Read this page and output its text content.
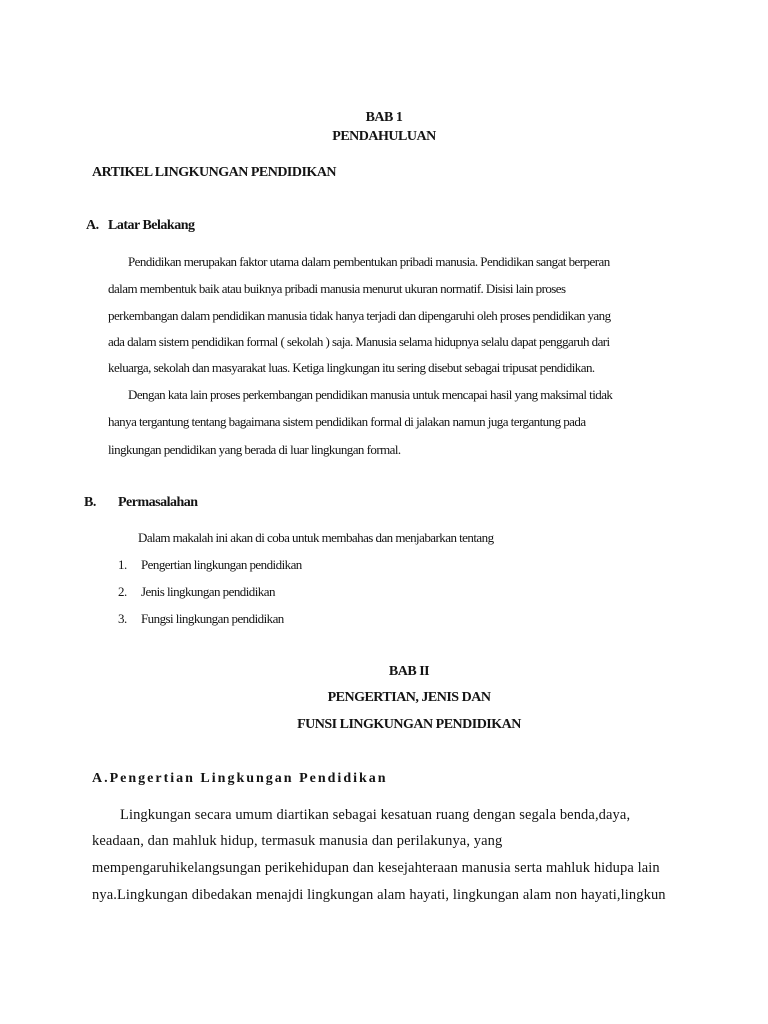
BAB 1
PENDAHULUAN
ARTIKEL LINGKUNGAN PENDIDIKAN
A. Latar Belakang
Pendidikan merupakan faktor utama dalam pembentukan pribadi manusia. Pendidikan sangat berperan
dalam membentuk baik atau buiknya pribadi manusia menurut ukuran normatif. Disisi lain proses
perkembangan dalam pendidikan manusia tidak hanya terjadi dan dipengaruhi oleh proses pendidikan yang
ada dalam sistem pendidikan formal ( sekolah ) saja. Manusia selama hidupnya selalu dapat penggaruh dari
keluarga, sekolah dan masyarakat luas. Ketiga lingkungan itu sering disebut sebagai tripusat pendidikan.
Dengan kata lain proses perkembangan pendidikan manusia untuk mencapai hasil yang maksimal tidak
hanya tergantung tentang bagaimana sistem pendidikan formal di jalakan namun juga tergantung pada
lingkungan pendidikan yang berada di luar lingkungan formal.
B. Permasalahan
Dalam makalah ini akan di coba untuk membahas dan menjabarkan tentang
1. Pengertian lingkungan pendidikan
2. Jenis lingkungan pendidikan
3. Fungsi lingkungan pendidikan
BAB II
PENGERTIAN, JENIS DAN
FUNSI LINGKUNGAN PENDIDIKAN
A.Pengertian Lingkungan Pendidikan
Lingkungan secara umum diartikan sebagai kesatuan ruang dengan segala benda,daya,
keadaan, dan mahluk hidup, termasuk manusia dan perilakunya, yang
mempengaruhikelangsungan perikehidupan dan kesejahteraan manusia serta mahluk hidupa lain
nya.Lingkungan dibedakan menajdi lingkungan alam hayati, lingkungan alam non hayati,lingkun
